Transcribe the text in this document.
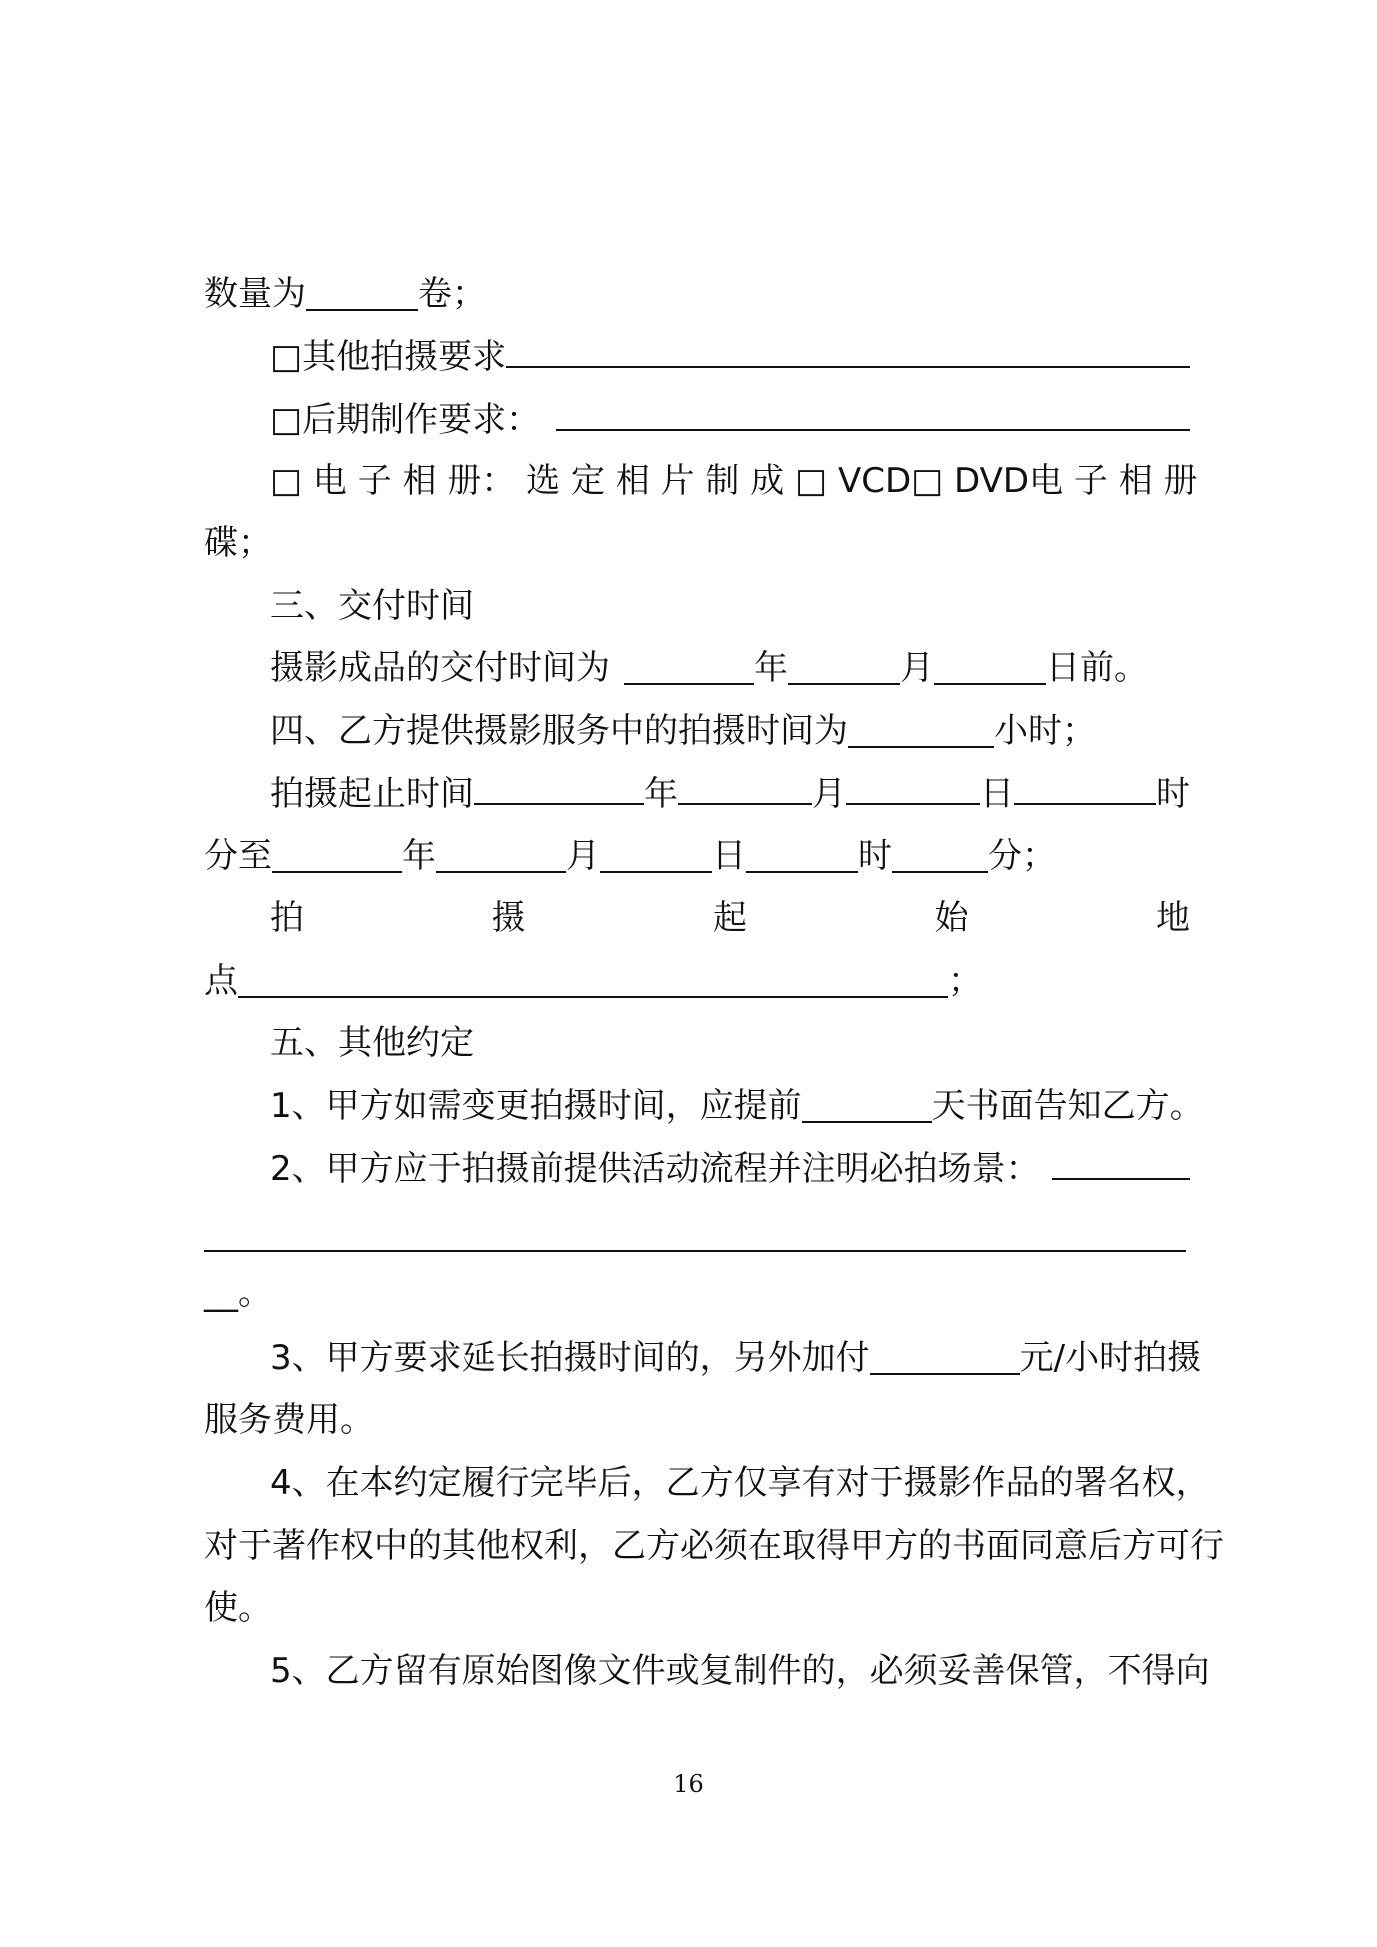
数量为	卷；
□其他拍摄要求
□后期制作要求：
□ 电 子 相 册： 选 定 相 片 制 成 □ VCD □ DVD 电 子 相 册
碟；
三、交付时间
摄影成品的交付时间为	年	月	日前。
四、乙方提供摄影服务中的拍摄时间为	小时；
拍摄起止时间	年	月	日	时
分至	年	月	日	时	分；
拍	摄	起	始	地
点	；
五、其他约定
1、甲方如需变更拍摄时间，应提前	天书面告知乙方。
2、甲方应于拍摄前提供活动流程并注明必拍场景：
__。
3、甲方要求延长拍摄时间的，另外加付	元/小时拍摄
服务费用。
4、在本约定履行完毕后，乙方仅享有对于摄影作品的署名权，
对于著作权中的其他权利，乙方必须在取得甲方的书面同意后方可行
使。
5、乙方留有原始图像文件或复制件的，必须妥善保管，不得向
16
